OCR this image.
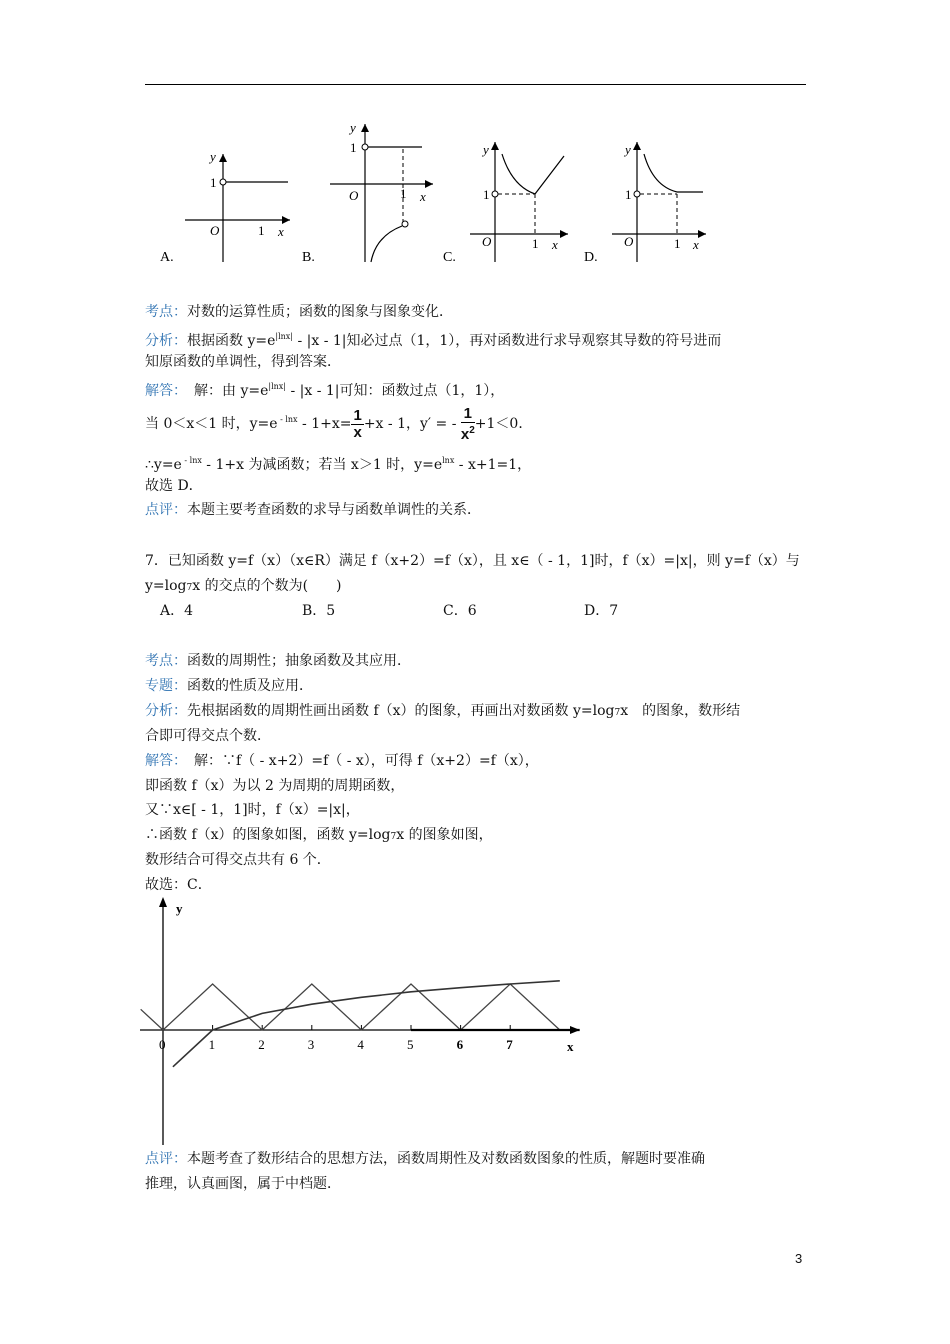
y
1
O	1 x
A.
y
1
O	1 x
B.
y
1
O	1 x
C.
y
1
O	1 x
D.
考点：对数的运算性质；函数的图象与图象变化．
分析：根据函数 $y=e^{|lnx|} - |x - 1|$知必过点（1，1），再对函数进行求导观察其导数的符号进而
知原函数的单调性，得到答案．
解答：　解：由 $y=e^{|lnx|} - |x - 1|$可知：函数过点（1，1），
当 0＜x＜1 时，y=e $^{- lnx} - 1+x= \frac{1}{x} +x - 1$，y′ = - $\frac{1}{x^2} +1<0$．
∴y=e $^{- lnx}$ - 1+x 为减函数；若当 x＞1 时，$y=e^{lnx} - x+1=1$，
故选 D．
点评：本题主要考查函数的求导与函数单调性的关系．
7．已知函数 y=f（x）（x∈R）满足 f（x+2）=f（x），且 x∈（ - 1，1]时，f（x）=|x|，则 y=f（x）与
y=log7x 的交点的个数为(　　)
A．4	B．5	C．6	D．7
考点：函数的周期性；抽象函数及其应用．
专题：函数的性质及应用．
分析：先根据函数的周期性画出函数 f（x）的图象，再画出对数函数 y=log7x　的图象，数形结
合即可得交点个数．
解答：　解：∵f（ - x+2）=f（ - x），可得 f（x+2）=f（x），
即函数 f（x）为以 2 为周期的周期函数，
又∵x∈[ - 1，1]时，f（x）=|x|，
∴函数 f（x）的图象如图，函数 y=log7x 的图象如图，
数形结合可得交点共有 6 个．
故选：C．
0	1	2	3	4	5	6	7
y
x
点评：本题考查了数形结合的思想方法，函数周期性及对数函数图象的性质，解题时要准确
推理，认真画图，属于中档题．
3
